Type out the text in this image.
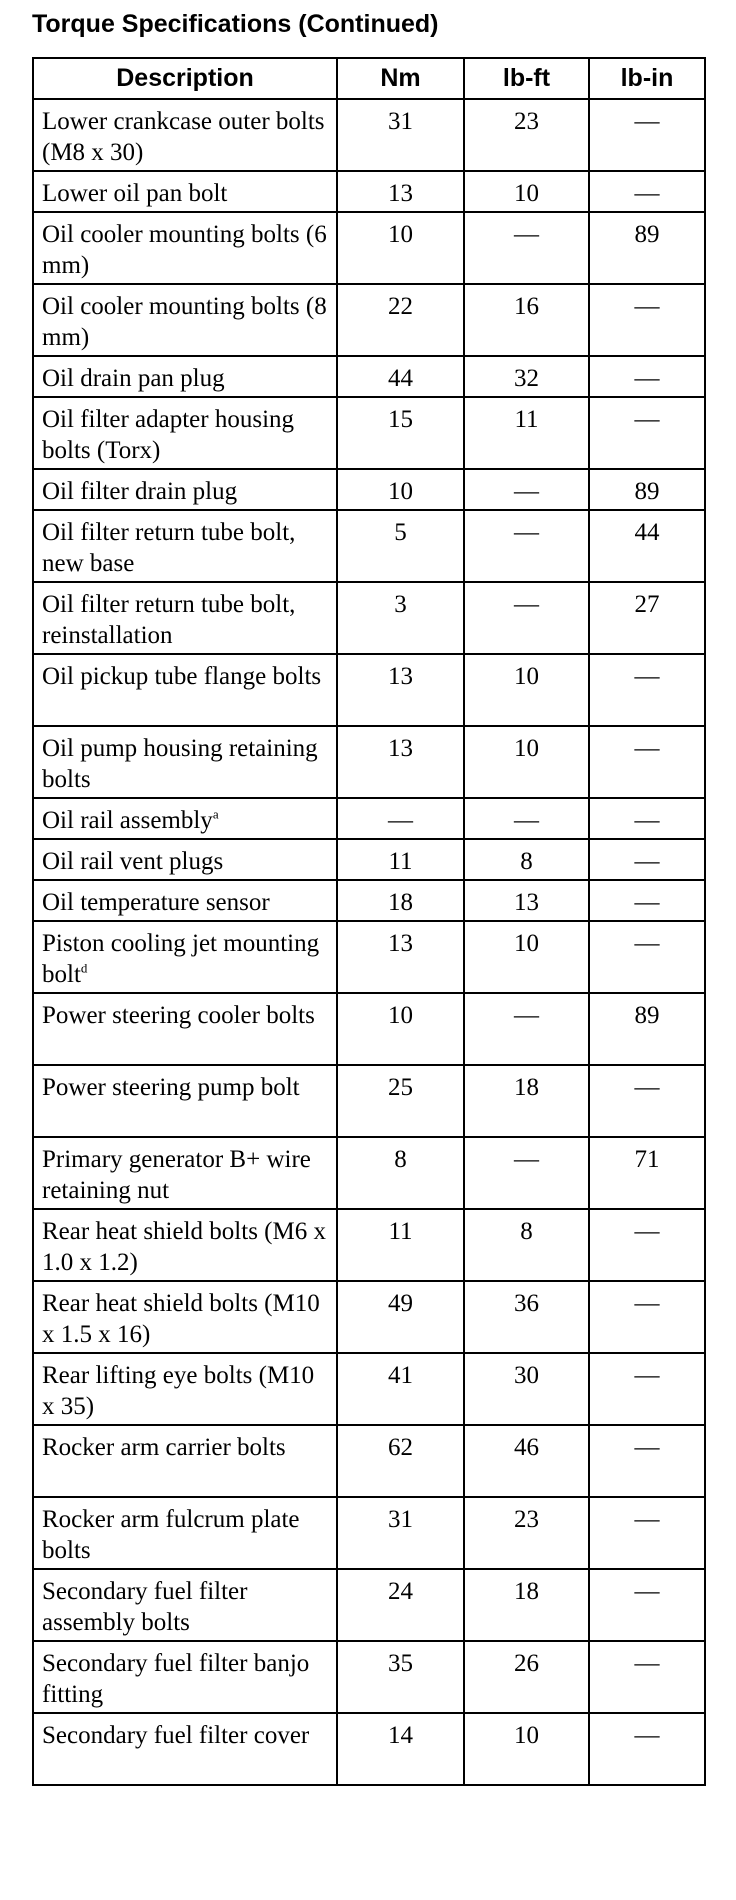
Torque Specifications (Continued)
Description	Nm	lb-ft	lb-in
Lower crankcase outer bolts (M8 x 30)	31	23	—
Lower oil pan bolt	13	10	—
Oil cooler mounting bolts (6 mm)	10	—	89
Oil cooler mounting bolts (8 mm)	22	16	—
Oil drain pan plug	44	32	—
Oil filter adapter housing bolts (Torx)	15	11	—
Oil filter drain plug	10	—	89
Oil filter return tube bolt, new base	5	—	44
Oil filter return tube bolt, reinstallation	3	—	27
Oil pickup tube flange bolts	13	10	—
Oil pump housing retaining bolts	13	10	—
Oil rail assembly$^a$	—	—	—
Oil rail vent plugs	11	8	—
Oil temperature sensor	18	13	—
Piston cooling jet mounting bolt$^d$	13	10	—
Power steering cooler bolts	10	—	89
Power steering pump bolt	25	18	—
Primary generator B+ wire retaining nut	8	—	71
Rear heat shield bolts (M6 x 1.0 x 1.2)	11	8	—
Rear heat shield bolts (M10 x 1.5 x 16)	49	36	—
Rear lifting eye bolts (M10 x 35)	41	30	—
Rocker arm carrier bolts	62	46	—
Rocker arm fulcrum plate bolts	31	23	—
Secondary fuel filter assembly bolts	24	18	—
Secondary fuel filter banjo fitting	35	26	—
Secondary fuel filter cover	14	10	—
